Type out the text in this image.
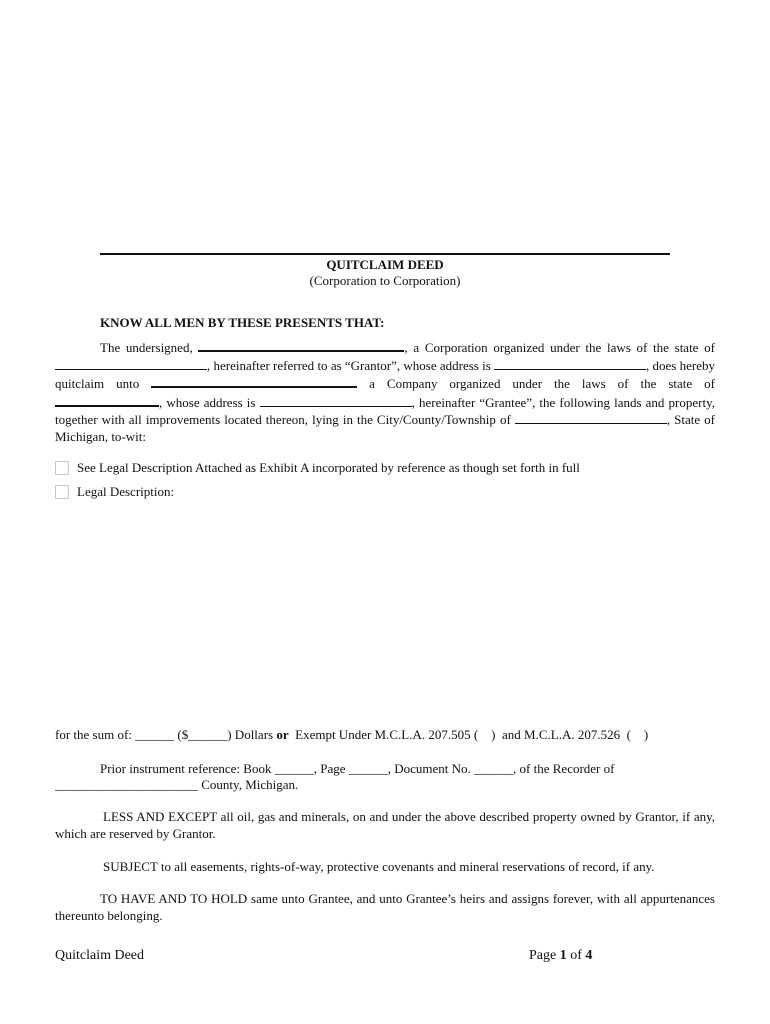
QUITCLAIM DEED
(Corporation to Corporation)
KNOW ALL MEN BY THESE PRESENTS THAT:
The undersigned,	, a Corporation organized under the laws of the state of, hereinafter referred to as “Grantor”, whose address is	, does hereby quitclaim unto	a Company organized under the laws of the state of , whose address is	, hereinafter “Grantee”, the following lands and property, together with all improvements located thereon, lying in the City/County/Township of	, State of Michigan, to-wit:
See Legal Description Attached as Exhibit A incorporated by reference as though set forth in full
Legal Description:
for the sum of: ______ ($______) Dollars or  Exempt Under M.C.L.A. 207.505 (    )  and M.C.L.A. 207.526  (    )
Prior instrument reference: Book ______, Page ______, Document No. ______, of the Recorder of
______________________ County, Michigan.
LESS AND EXCEPT all oil, gas and minerals, on and under the above described property owned by Grantor, if any, which are reserved by Grantor.
SUBJECT to all easements, rights-of-way, protective covenants and mineral reservations of record, if any.
TO HAVE AND TO HOLD same unto Grantee, and unto Grantee’s heirs and assigns forever, with all appurtenances thereunto belonging.
Quitclaim Deed	Page 1 of 4
